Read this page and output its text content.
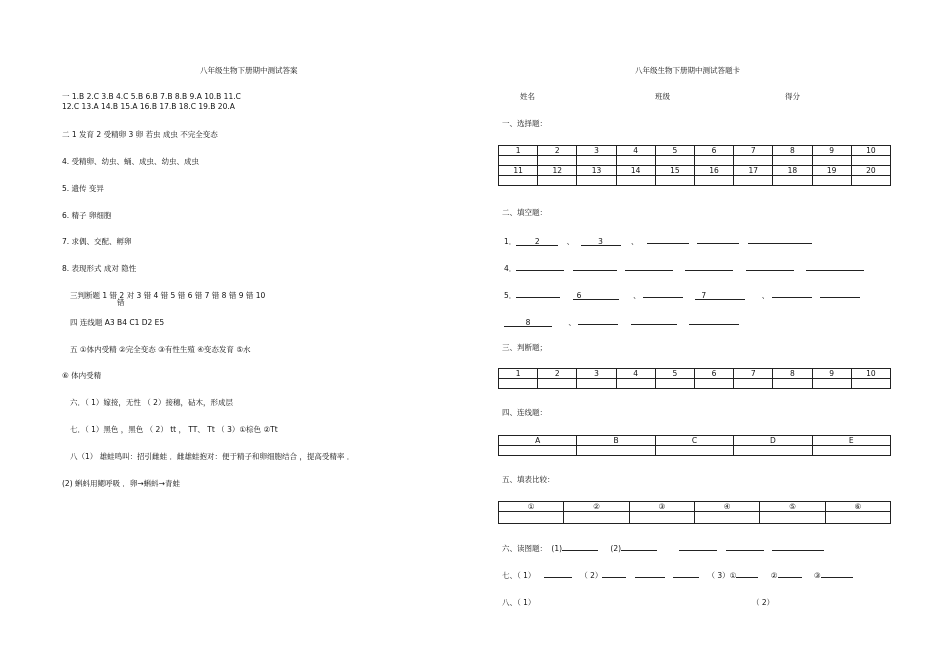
八年级生物下册期中测试答案
一 1.B 2.C 3.B 4.C 5.B 6.B 7.B 8.B 9.A 10.B 11.C
12.C 13.A 14.B 15.A 16.B 17.B 18.C 19.B 20.A
二 1 发育 2 受精卵 3 卵 若虫 成虫 不完全变态
4. 受精卵、幼虫、蛹、成虫、幼虫、成虫
5. 遗传 变异
6. 精子 卵细胞
7. 求偶、交配、孵卵
8. 表现形式 成对 隐性
三判断题 1 错 2 对 3 错 4 错 5 错 6 错 7 错 8 错 9 错 10
错
四 连线题 A3 B4 C1 D2 E5
五 ①体内受精 ②完全变态 ③有性生殖 ④变态发育 ⑤水
⑥ 体内受精
六．（ 1）嫁接，无性 （ 2）接穗，砧木，形成层
七．（ 1）黑色 ，黑色 （ 2） tt ， TT、 Tt （ 3）①棕色 ②Tt
八（1） 雄蛙鸣叫：招引雌蛙 ．雌雄蛙抱对：便于精子和卵细胞结合 ，提高受精率 ．
(2) 蝌蚪用鳃呼吸 ．卵→蝌蚪→青蛙
八年级生物下册期中测试答题卡
姓名	班级	得分
一、选择题：
1	2	3	4	5	6	7	8	9	10

11	12	13	14	15	16	17	18	19	20

二、填空题：
1． 2	、	3	、
4．
5．	6	、	7	、
8	、
三、判断题；
1	2	3	4	5	6	7	8	9	10

四、连线题：
A	B	C	D	E

五、填表比较：
①	②	③	④	⑤	⑥

六、读图题： (1)	(2)
七、（ 1）	（ 2）	（ 3）①	②	③
八、（ 1）	（ 2）
